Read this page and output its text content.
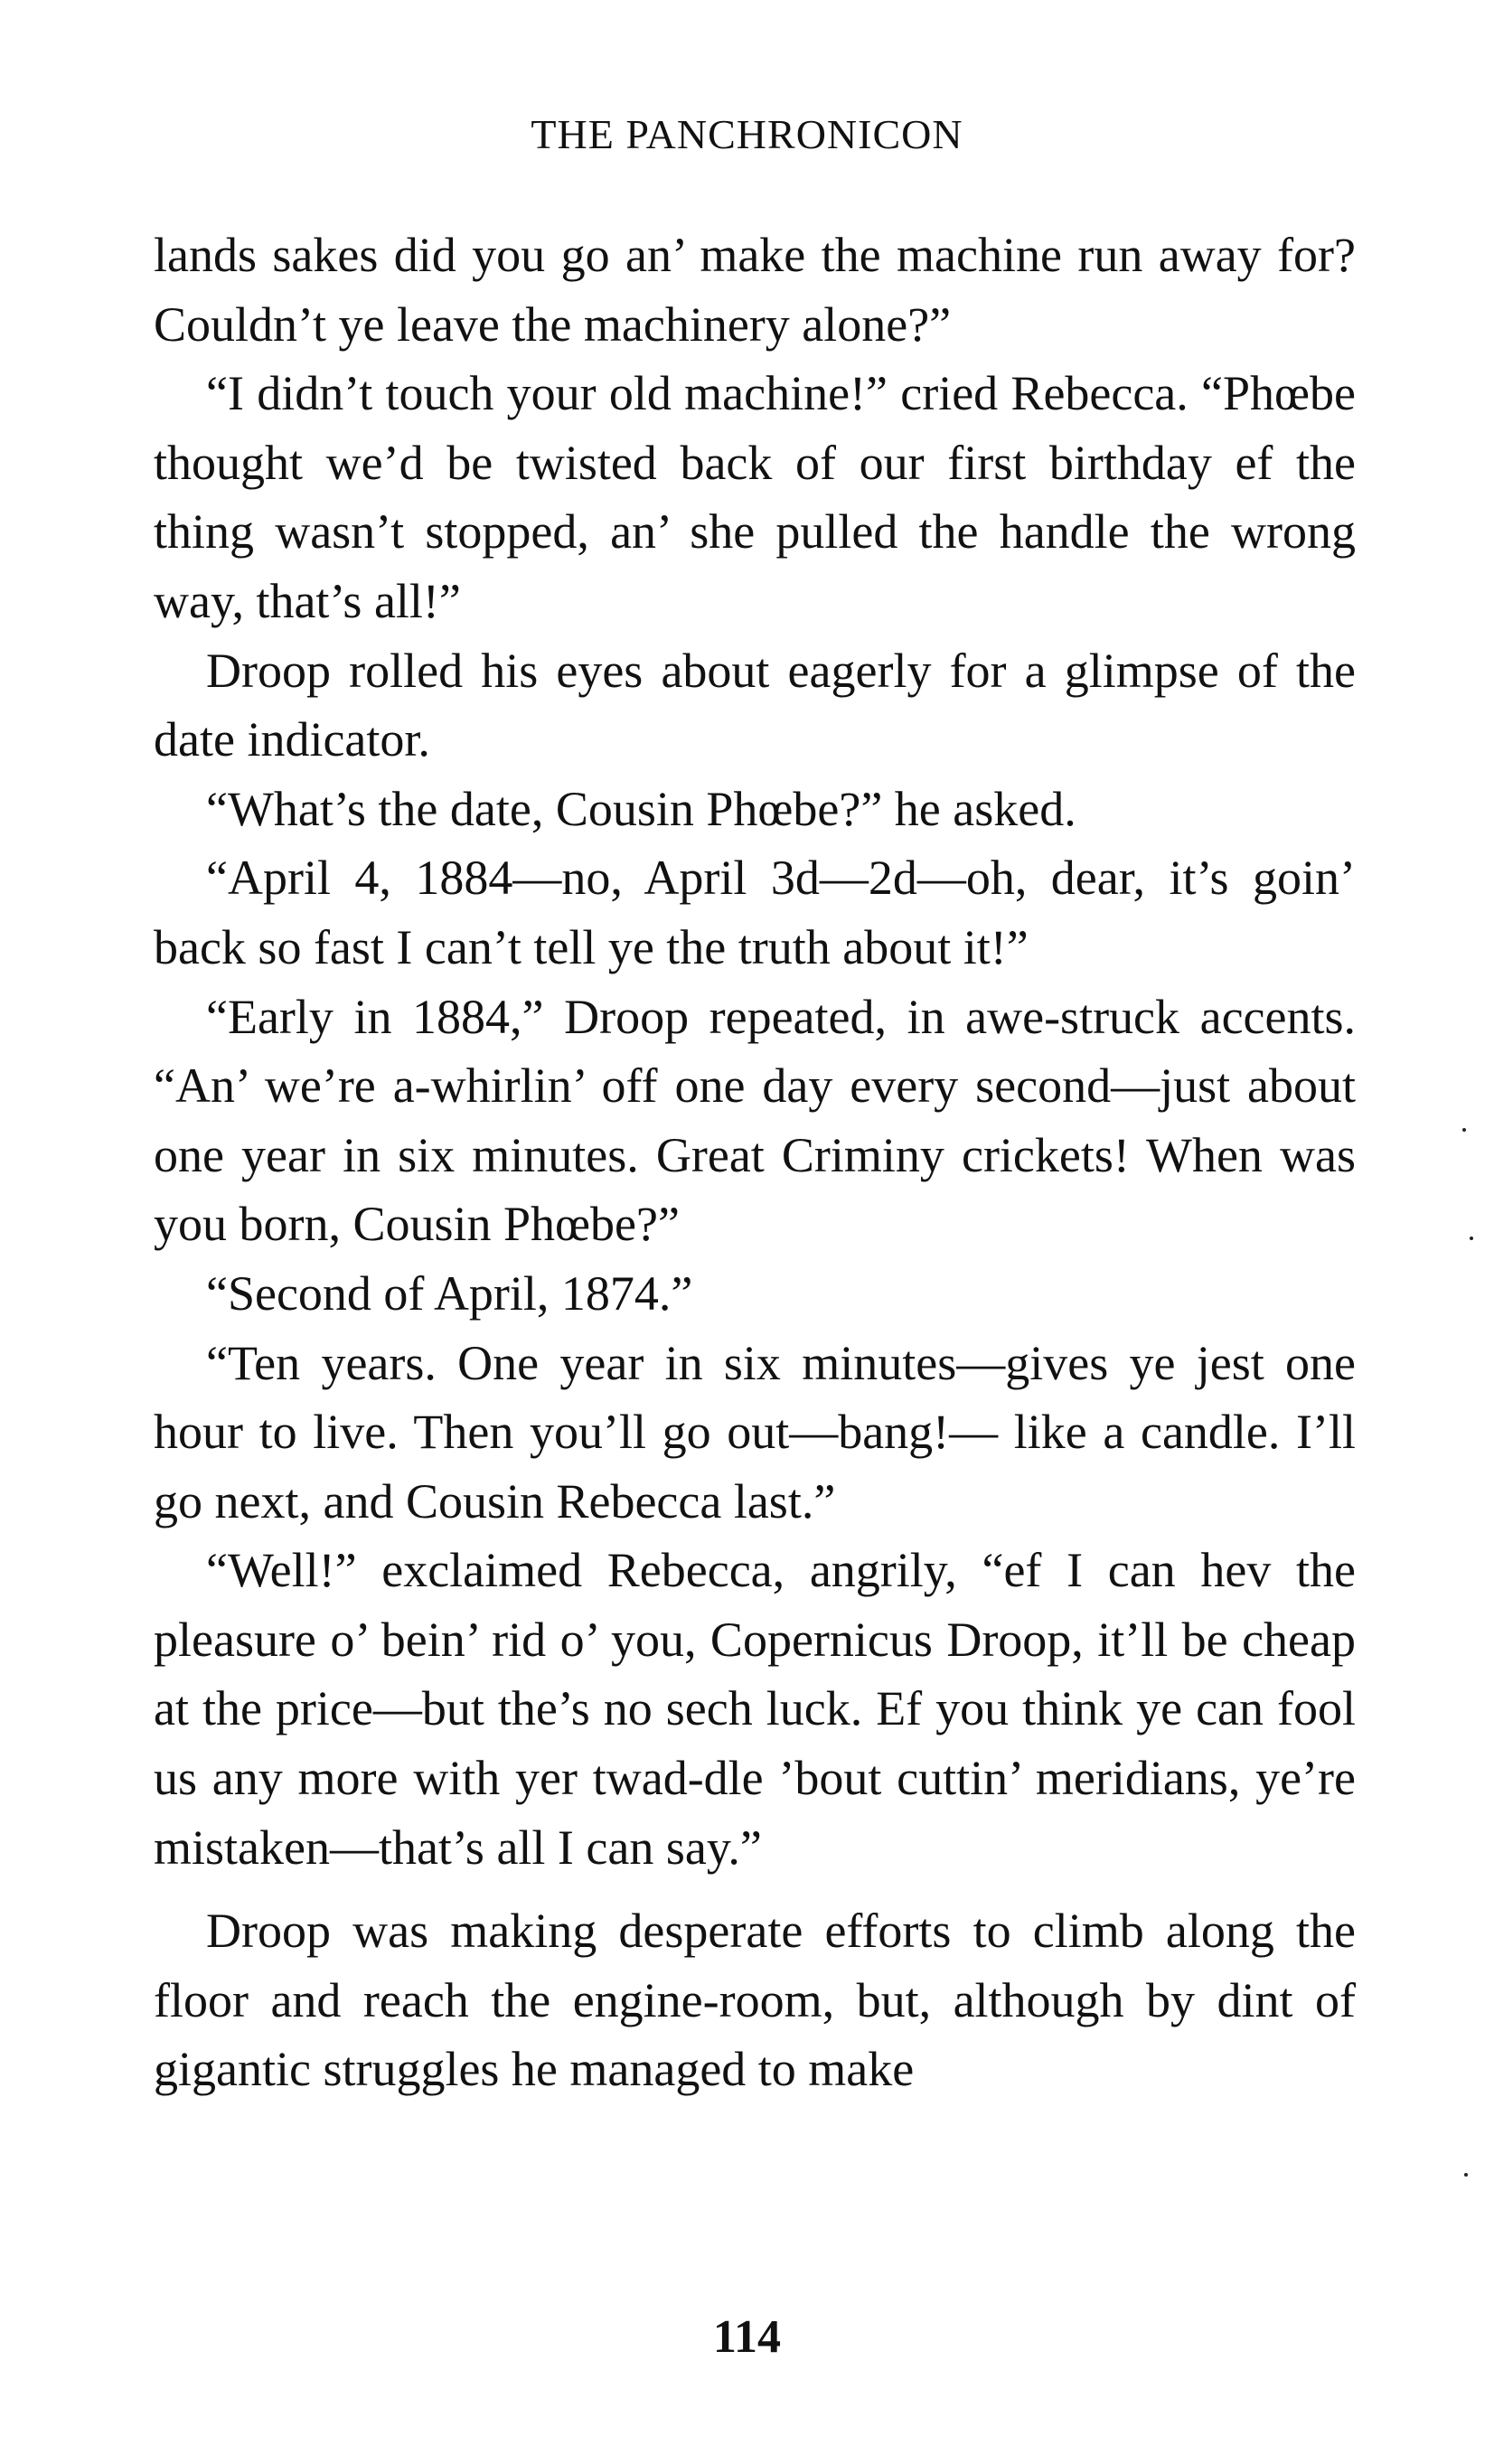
THE PANCHRONICON

lands sakes did you go an’ make the machine run away for? Couldn’t ye leave the machinery alone?”

“I didn’t touch your old machine!” cried Rebecca. “Phœbe thought we’d be twisted back of our first birthday ef the thing wasn’t stopped, an’ she pulled the handle the wrong way, that’s all!”

Droop rolled his eyes about eagerly for a glimpse of the date indicator.

“What’s the date, Cousin Phœbe?” he asked.

“April 4, 1884—no, April 3d—2d—oh, dear, it’s goin’ back so fast I can’t tell ye the truth about it!”

“Early in 1884,” Droop repeated, in awe-struck accents. “An’ we’re a-whirlin’ off one day every second—just about one year in six minutes. Great Criminy crickets! When was you born, Cousin Phœbe?”

“Second of April, 1874.”

“Ten years. One year in six minutes—gives ye jest one hour to live. Then you’ll go out—bang!— like a candle. I’ll go next, and Cousin Rebecca last.”

“Well!” exclaimed Rebecca, angrily, “ef I can hev the pleasure o’ bein’ rid o’ you, Copernicus Droop, it’ll be cheap at the price—but the’s no sech luck. Ef you think ye can fool us any more with yer twad-dle ’bout cuttin’ meridians, ye’re mistaken—that’s all I can say.”

Droop was making desperate efforts to climb along the floor and reach the engine-room, but, although by dint of gigantic struggles he managed to make

114
